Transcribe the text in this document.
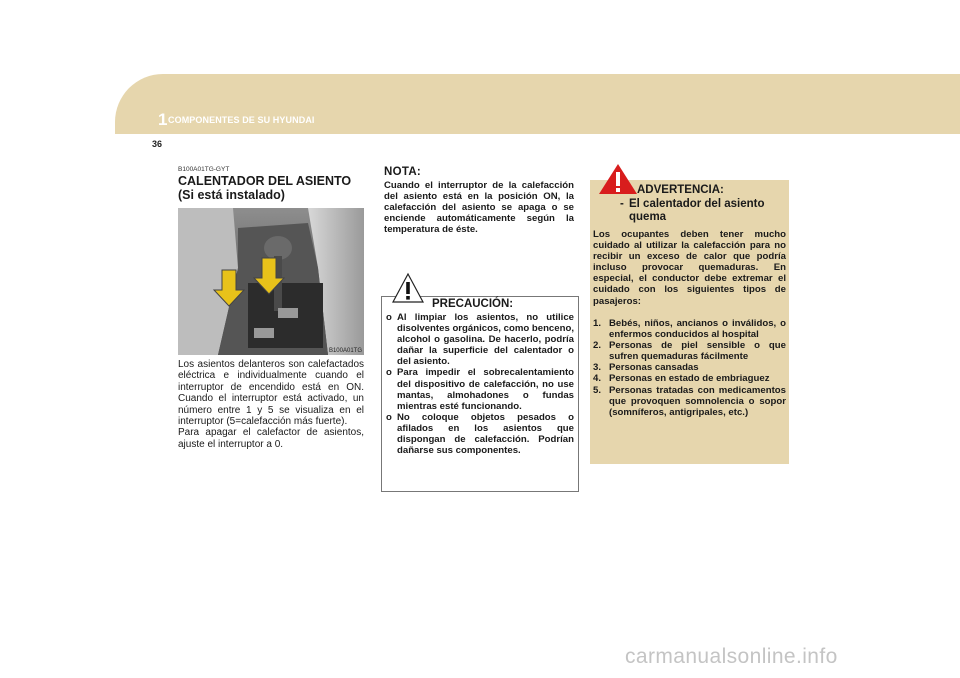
1 COMPONENTES DE SU HYUNDAI
36
B100A01TG-GYT
CALENTADOR DEL ASIENTO
(Si está instalado)
B100A01TG

Los asientos delanteros son calefactados eléctrica e individualmente cuando el interruptor de encendido está en ON. Cuando el interruptor está activado, un número entre 1 y 5 se visualiza en el interruptor (5=calefacción más fuerte).

Para apagar el calefactor de asientos, ajuste el interruptor a 0.

NOTA:
Cuando el interruptor de la calefacción del asiento está en la posición ON, la calefacción del asiento se apaga o se enciende automáticamente según la temperatura de éste.
PRECAUCIÓN:
o Al limpiar los asientos, no utilice disolventes orgánicos, como benceno, alcohol o gasolina. De hacerlo, podría dañar la superficie del calentador o del asiento.
o Para impedir el sobrecalentamiento del dispositivo de calefacción, no use mantas, almohadones o fundas mientras esté funcionando.
o No coloque objetos pesados o afilados en los asientos que dispongan de calefacción. Podrían dañarse sus componentes.
ADVERTENCIA:
- El calentador del asiento quema
Los ocupantes deben tener mucho cuidado al utilizar la calefacción para no recibir un exceso de calor que podría incluso provocar quemaduras. En especial, el conductor debe extremar el cuidado con los siguientes tipos de pasajeros:
1. Bebés, niños, ancianos o inválidos, o enfermos conducidos al hospital
2. Personas de piel sensible o que sufren quemaduras fácilmente
3. Personas cansadas
4. Personas en estado de embriaguez
5. Personas tratadas con medicamentos que provoquen somnolencia o sopor (somníferos, antigripales, etc.)
carmanualsonline.info
